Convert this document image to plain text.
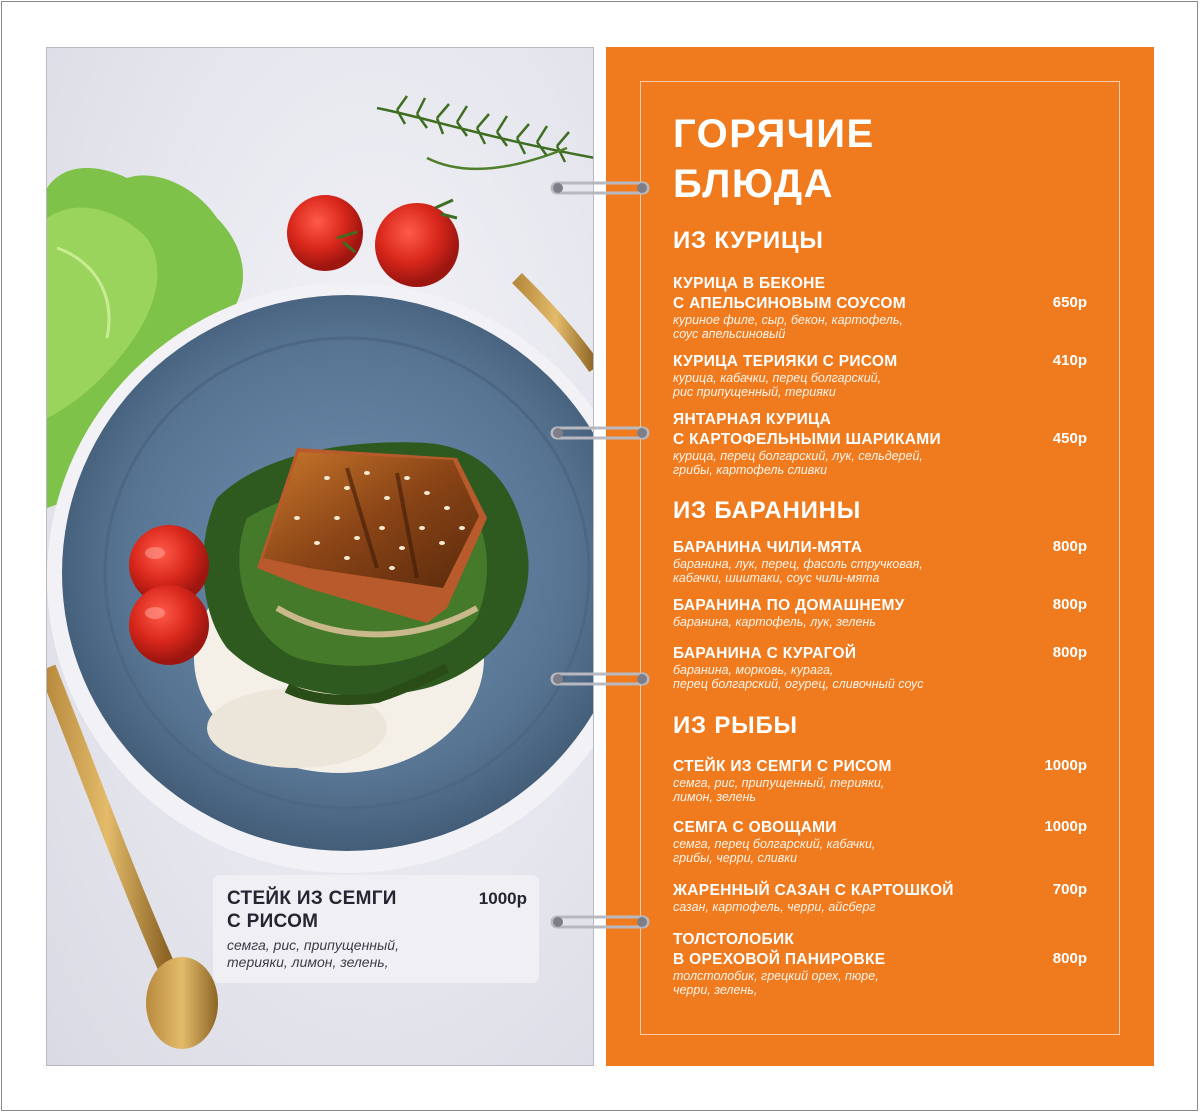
СТЕЙК ИЗ СЕМГИ
С РИСОМ
1000р
семга, рис, припущенный,
терияки, лимон, зелень,
ГОРЯЧИЕ
БЛЮДА
ИЗ КУРИЦЫ
КУРИЦА В БЕКОНЕ
С АПЕЛЬСИНОВЫМ СОУСОМ	650р
куриное филе, сыр, бекон, картофель,
соус апельсиновый
КУРИЦА ТЕРИЯКИ С РИСОМ	410р
курица, кабачки, перец болгарский,
рис припущенный, терияки
ЯНТАРНАЯ КУРИЦА
С КАРТОФЕЛЬНЫМИ ШАРИКАМИ	450р
курица, перец болгарский, лук, сельдерей,
грибы, картофель сливки
ИЗ БАРАНИНЫ
БАРАНИНА ЧИЛИ-МЯТА	800р
баранина, лук, перец, фасоль стручковая,
кабачки, шиитаки, соус чили-мята
БАРАНИНА ПО ДОМАШНЕМУ	800р
баранина, картофель, лук, зелень
БАРАНИНА С КУРАГОЙ	800р
баранина, морковь, курага,
перец болгарский, огурец, сливочный соус
ИЗ РЫБЫ
СТЕЙК ИЗ СЕМГИ С РИСОМ	1000р
семга, рис, припущенный, терияки,
лимон, зелень
СЕМГА С ОВОЩАМИ	1000р
семга, перец болгарский, кабачки,
грибы, черри, сливки
ЖАРЕННЫЙ САЗАН С КАРТОШКОЙ	700р
сазан, картофель, черри, айсберг
ТОЛСТОЛОБИК
В ОРЕХОВОЙ ПАНИРОВКЕ	800р
толстолобик, грецкий орех, пюре,
черри, зелень,
